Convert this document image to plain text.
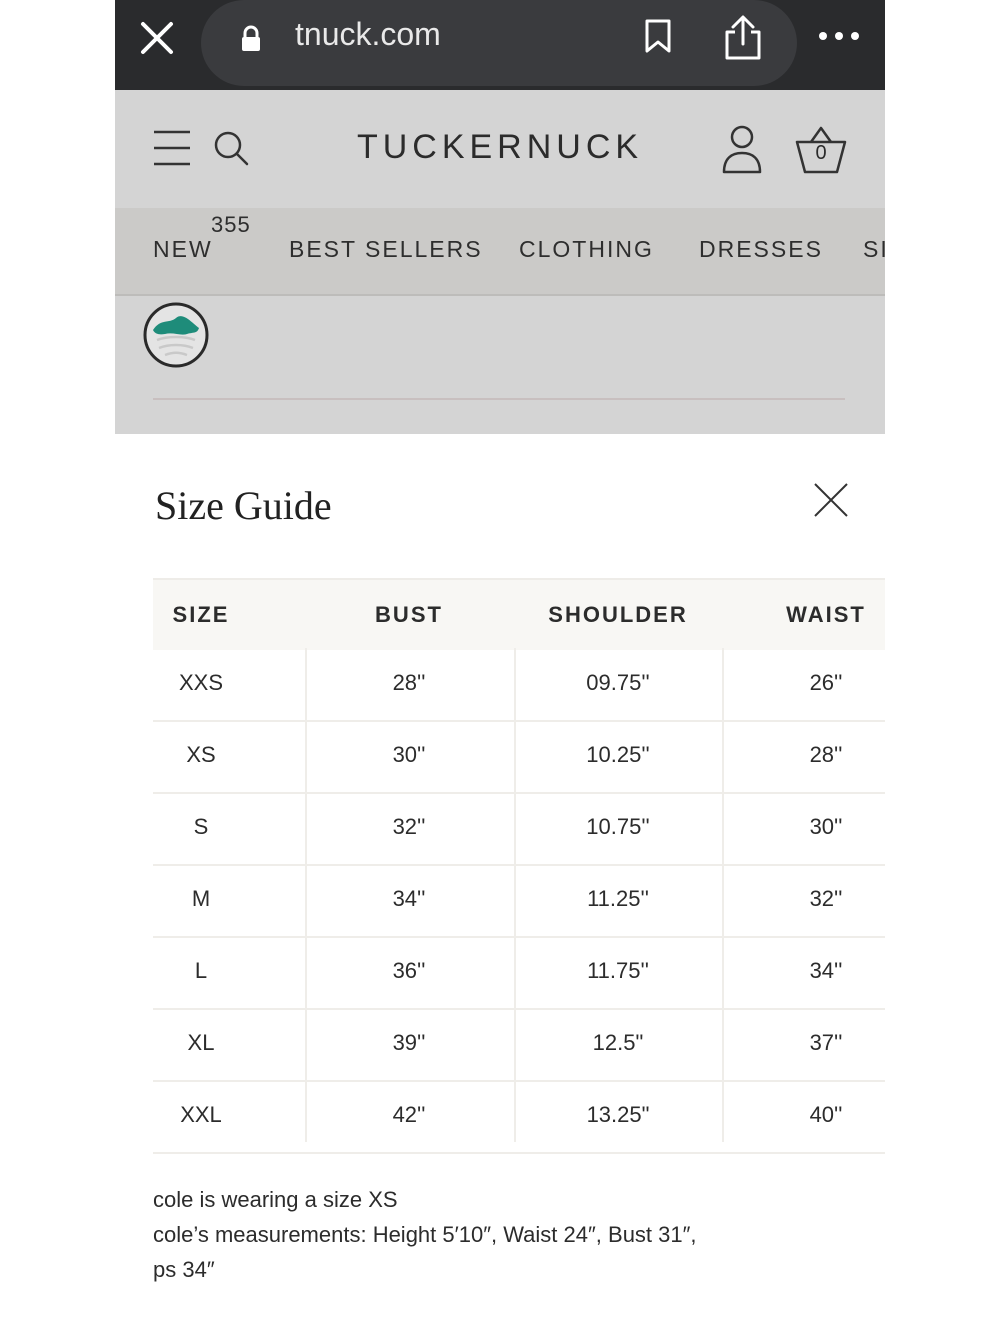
tnuck.com
TUCKERNUCK	0
355
NEW	BEST SELLERS CLOTHING DRESSES SI
Size Guide
SIZE	BUST	SHOULDER	WAIST
XXS	28''	09.75''	26''
XS	30''	10.25''	28''
S	32''	10.75''	30''
M	34''	11.25''	32''
L	36''	11.75''	34''
XL	39''	12.5"	37''
XXL	42''	13.25"	40''
cole is wearing a size XS
cole’s measurements: Height 5′10″, Waist 24″, Bust 31″,
ps 34″
